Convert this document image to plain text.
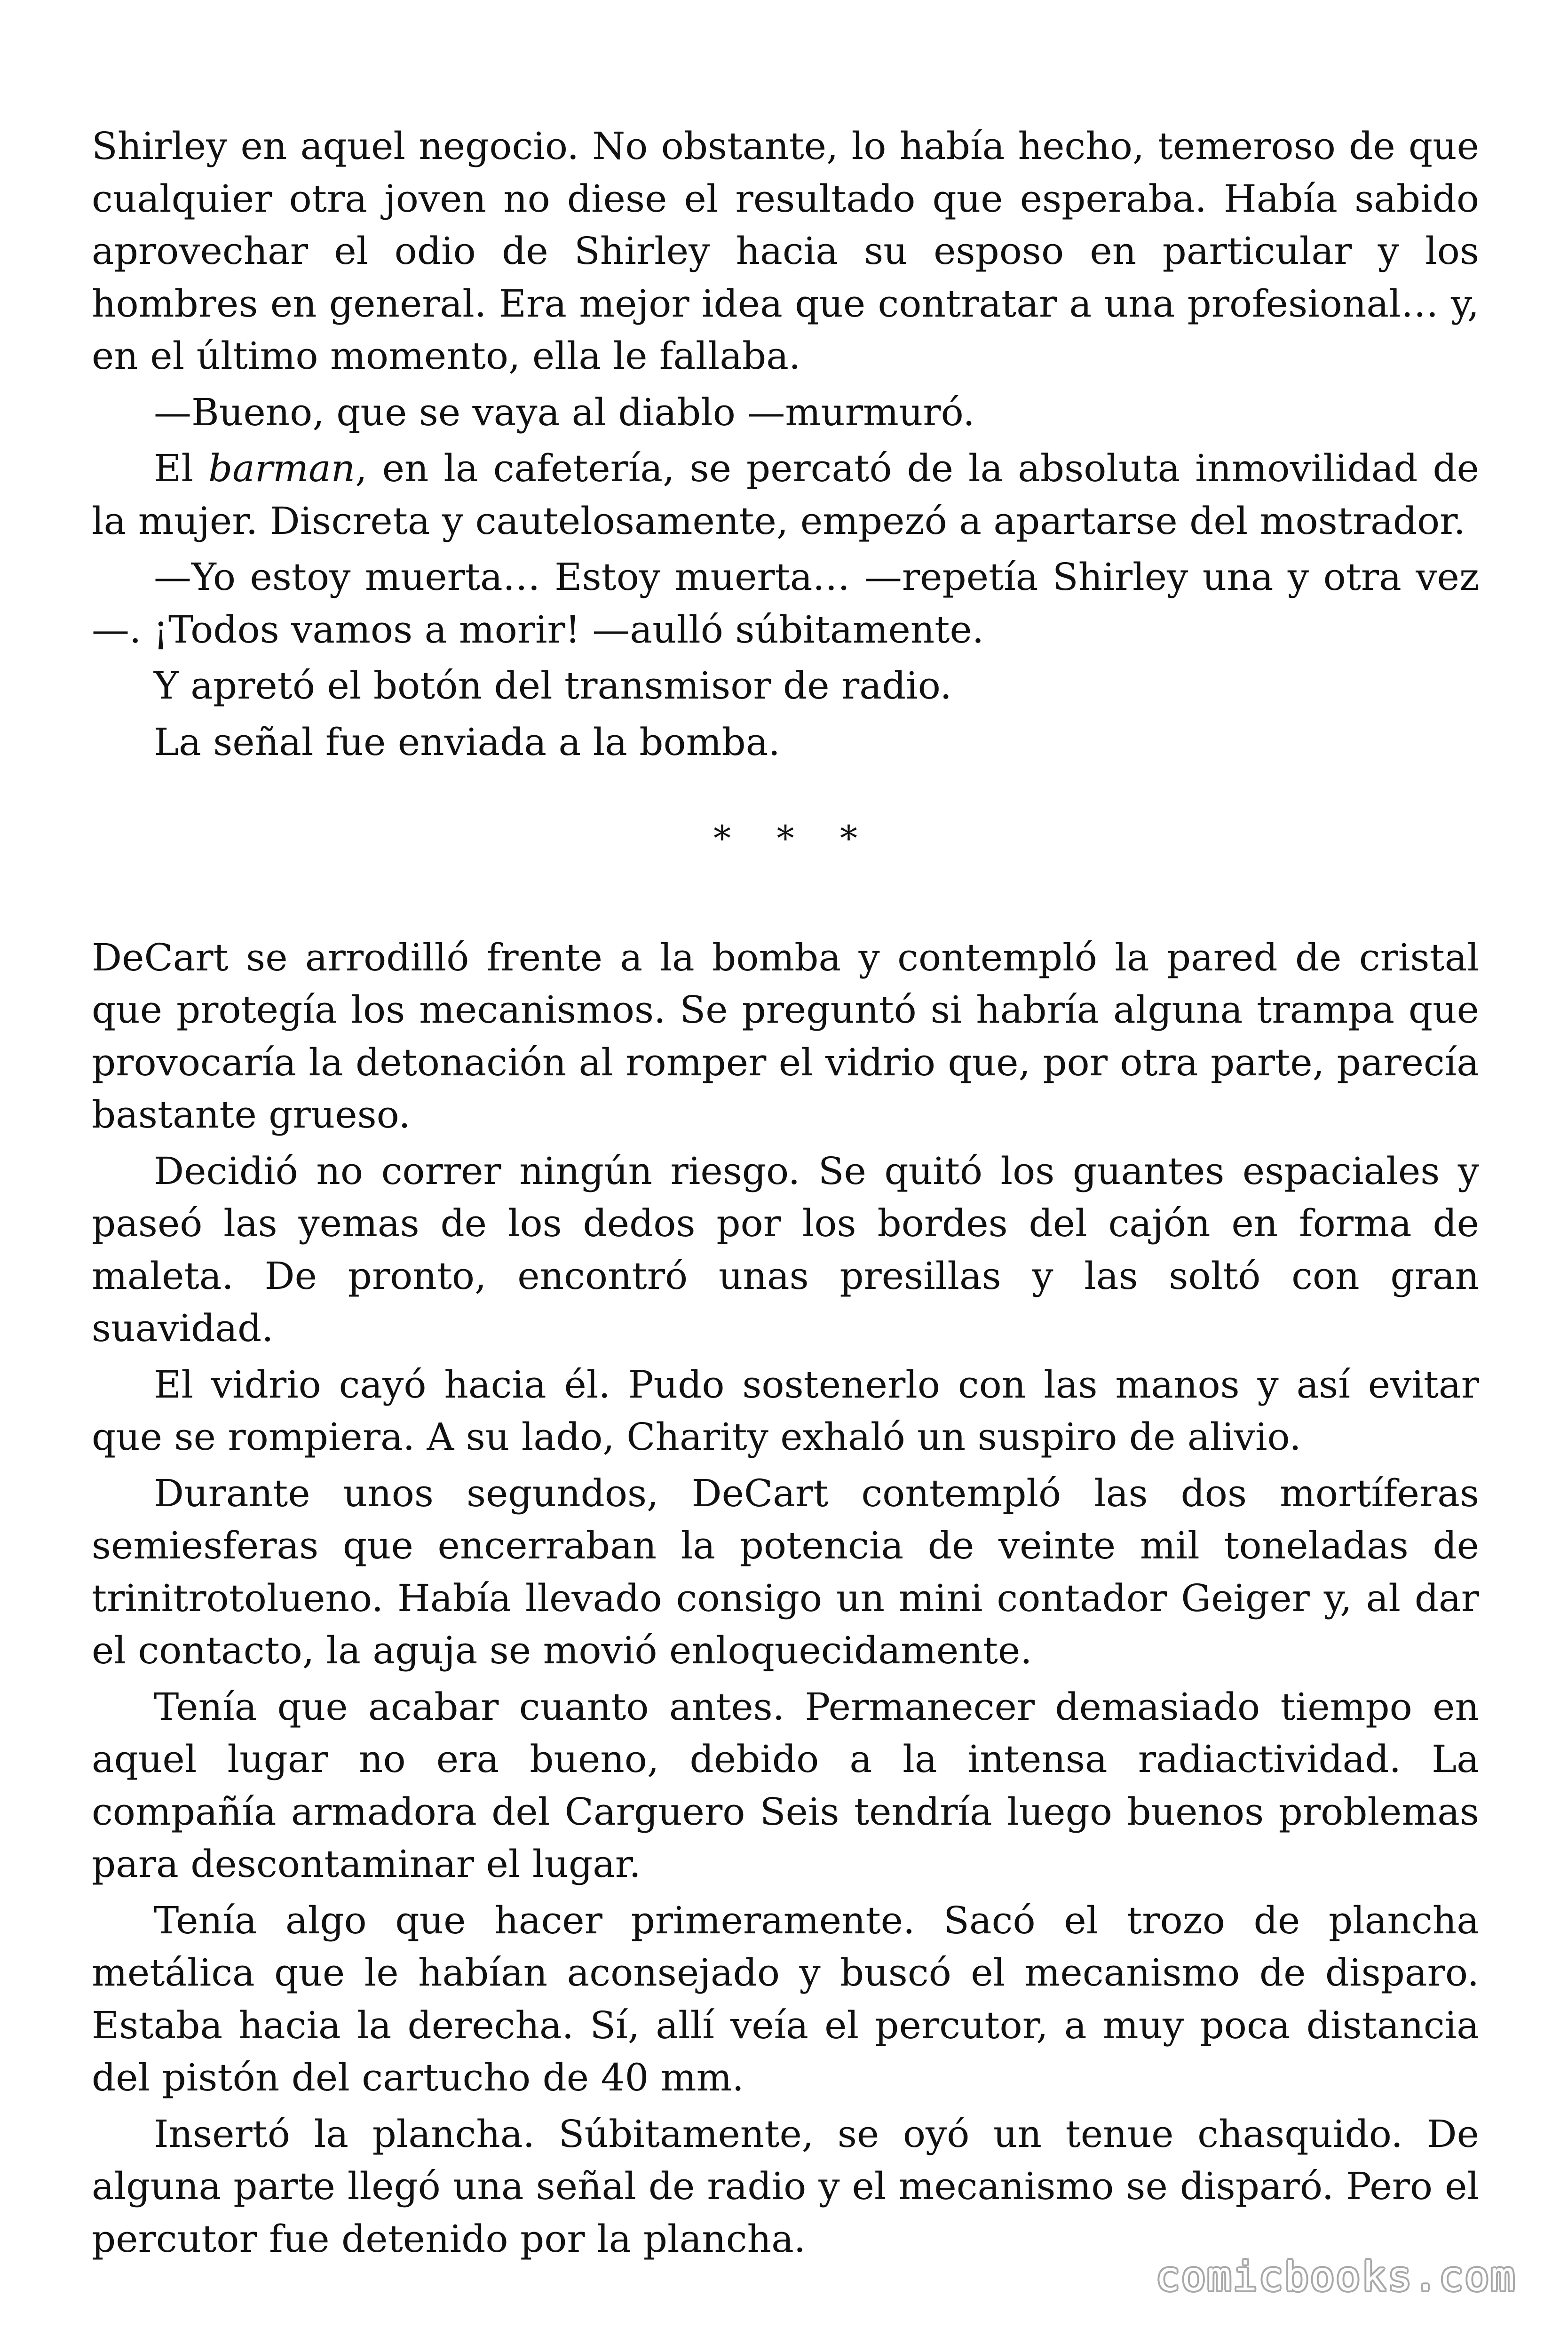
Shirley en aquel negocio. No obstante, lo había hecho, temeroso de que cualquier otra joven no diese el resultado que esperaba. Había sabido aprovechar el odio de Shirley hacia su esposo en particular y los hombres en general. Era mejor idea que contratar a una profesional… y, en el último momento, ella le fallaba.

—Bueno, que se vaya al diablo —murmuró.

El barman, en la cafetería, se percató de la absoluta inmovilidad de la mujer. Discreta y cautelosamente, empezó a apartarse del mostrador.

—Yo estoy muerta… Estoy muerta… —repetía Shirley una y otra vez—. ¡Todos vamos a morir! —aulló súbitamente.

Y apretó el botón del transmisor de radio.

La señal fue enviada a la bomba.

* * *

DeCart se arrodilló frente a la bomba y contempló la pared de cristal que protegía los mecanismos. Se preguntó si habría alguna trampa que provocaría la detonación al romper el vidrio que, por otra parte, parecía bastante grueso.

Decidió no correr ningún riesgo. Se quitó los guantes espaciales y paseó las yemas de los dedos por los bordes del cajón en forma de maleta. De pronto, encontró unas presillas y las soltó con gran suavidad.

El vidrio cayó hacia él. Pudo sostenerlo con las manos y así evitar que se rompiera. A su lado, Charity exhaló un suspiro de alivio.

Durante unos segundos, DeCart contempló las dos mortíferas semiesferas que encerraban la potencia de veinte mil toneladas de trinitrotolueno. Había llevado consigo un mini contador Geiger y, al dar el contacto, la aguja se movió enloquecidamente.

Tenía que acabar cuanto antes. Permanecer demasiado tiempo en aquel lugar no era bueno, debido a la intensa radiactividad. La compañía armadora del Carguero Seis tendría luego buenos problemas para descontaminar el lugar.

Tenía algo que hacer primeramente. Sacó el trozo de plancha metálica que le habían aconsejado y buscó el mecanismo de disparo. Estaba hacia la derecha. Sí, allí veía el percutor, a muy poca distancia del pistón del cartucho de 40 mm.

Insertó la plancha. Súbitamente, se oyó un tenue chasquido. De alguna parte llegó una señal de radio y el mecanismo se disparó. Pero el percutor fue detenido por la plancha.

comicbooks.com
